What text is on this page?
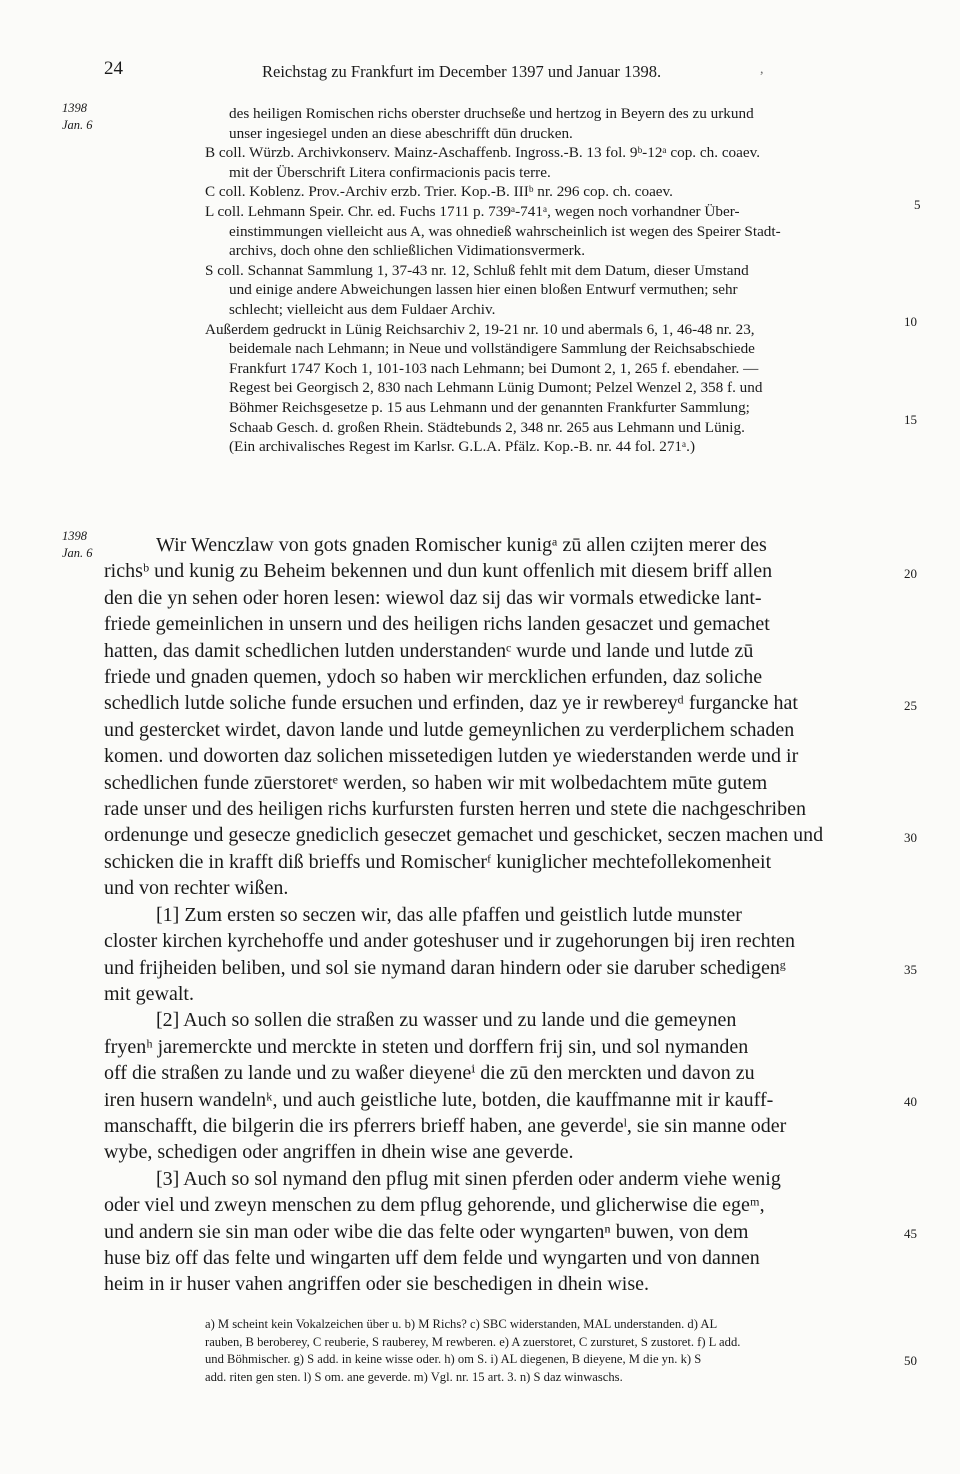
24	Reichstag zu Frankfurt im December 1397 und Januar 1398.	,
1398
Jan. 6
1398
Jan. 6
des heiligen Romischen richs oberster druchseße und hertzog in Beyern des zu urkund
unser ingesiegel unden an diese abeschrifft dūn drucken.
B coll. Würzb. Archivkonserv. Mainz-Aschaffenb. Ingross.-B. 13 fol. 9ᵇ-12ᵃ cop. ch. coaev.
mit der Überschrift Litera confirmacionis pacis terre.
C coll. Koblenz. Prov.-Archiv erzb. Trier. Kop.-B. IIIᵇ nr. 296 cop. ch. coaev.
L coll. Lehmann Speir. Chr. ed. Fuchs 1711 p. 739ᵃ-741ᵃ, wegen noch vorhandner Über-
einstimmungen vielleicht aus A, was ohnedieß wahrscheinlich ist wegen des Speirer Stadt-
archivs, doch ohne den schließlichen Vidimationsvermerk.
S coll. Schannat Sammlung 1, 37-43 nr. 12, Schluß fehlt mit dem Datum, dieser Umstand
und einige andere Abweichungen lassen hier einen bloßen Entwurf vermuthen; sehr
schlecht; vielleicht aus dem Fuldaer Archiv.
Außerdem gedruckt in Lünig Reichsarchiv 2, 19-21 nr. 10 und abermals 6, 1, 46-48 nr. 23,
beidemale nach Lehmann; in Neue und vollständigere Sammlung der Reichsabschiede
Frankfurt 1747 Koch 1, 101-103 nach Lehmann; bei Dumont 2, 1, 265 f. ebendaher. —
Regest bei Georgisch 2, 830 nach Lehmann Lünig Dumont; Pelzel Wenzel 2, 358 f. und
Böhmer Reichsgesetze p. 15 aus Lehmann und der genannten Frankfurter Sammlung;
Schaab Gesch. d. großen Rhein. Städtebunds 2, 348 nr. 265 aus Lehmann und Lünig.
(Ein archivalisches Regest im Karlsr. G.L.A. Pfälz. Kop.-B. nr. 44 fol. 271ᵃ.)
5
10
15
Wir Wenczlaw von gots gnaden Romischer kunigᵃ zū allen czijten merer des
richsᵇ und kunig zu Beheim bekennen und dun kunt offenlich mit diesem briff allen
den die yn sehen oder horen lesen: wiewol daz sij das wir vormals etwedicke lant-
friede gemeinlichen in unsern und des heiligen richs landen gesaczet und gemachet
hatten, das damit schedlichen lutden understandenᶜ wurde und lande und lutde zū
friede und gnaden quemen, ydoch so haben wir mercklichen erfunden, daz soliche
schedlich lutde soliche funde ersuchen und erfinden, daz ye ir rewbereyᵈ furgancke hat
und gestercket wirdet, davon lande und lutde gemeynlichen zu verderplichem schaden
komen. und doworten daz solichen missetedigen lutden ye wiederstanden werde und ir
schedlichen funde zūerstoretᵉ werden, so haben wir mit wolbedachtem mūte gutem
rade unser und des heiligen richs kurfursten fursten herren und stete die nachgeschriben
ordenunge und gesecze gnediclich geseczet gemachet und geschicket, seczen machen und
schicken die in krafft diß brieffs und Romischerᶠ kuniglicher mechtefollekomenheit
und von rechter wißen.
[1] Zum ersten so seczen wir, das alle pfaffen und geistlich lutde munster
closter kirchen kyrchehoffe und ander goteshuser und ir zugehorungen bij iren rechten
und frijheiden beliben, und sol sie nymand daran hindern oder sie daruber schedigenᵍ
mit gewalt.
[2] Auch so sollen die straßen zu wasser und zu lande und die gemeynen
fryenʰ jaremerckte und merckte in steten und dorffern frij sin, und sol nymanden
off die straßen zu lande und zu waßer dieyeneⁱ die zū den merckten und davon zu
iren husern wandelnᵏ, und auch geistliche lute, botden, die kauffmanne mit ir kauff-
manschafft, die bilgerin die irs pferrers brieff haben, ane geverdeˡ, sie sin manne oder
wybe, schedigen oder angriffen in dhein wise ane geverde.
[3] Auch so sol nymand den pflug mit sinen pferden oder anderm viehe wenig
oder viel und zweyn menschen zu dem pflug gehorende, und glicherwise die egeᵐ,
und andern sie sin man oder wibe die das felte oder wyngartenⁿ buwen, von dem
huse biz off das felte und wingarten uff dem felde und wyngarten und von dannen
heim in ir huser vahen angriffen oder sie beschedigen in dhein wise.
20
25
30
35
40
45
a) M scheint kein Vokalzeichen über u. b) M Richs? c) SBC widerstanden, MAL understanden. d) AL
rauben, B beroberey, C reuberie, S rauberey, M rewberen. e) A zuerstoret, C zursturet, S zustoret. f) L add.
und Böhmischer. g) S add. in keine wisse oder. h) om S. i) AL diegenen, B dieyene, M die yn. k) S
add. riten gen sten. l) S om. ane geverde. m) Vgl. nr. 15 art. 3. n) S daz winwaschs.
50
